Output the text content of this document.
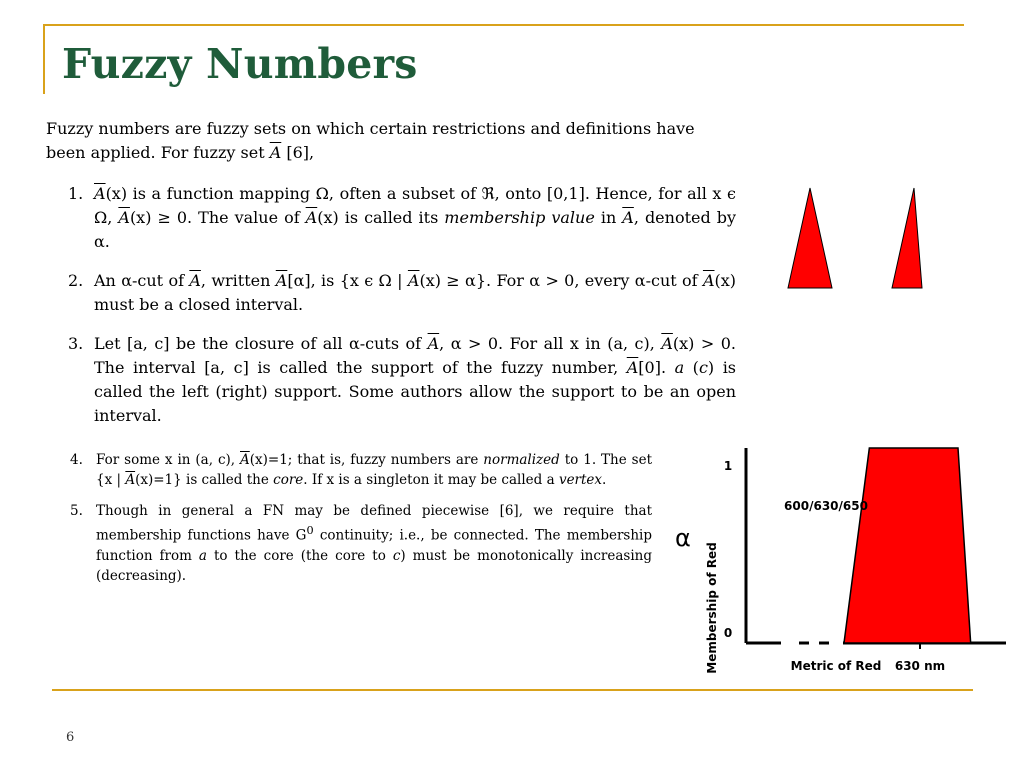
Fuzzy Numbers

Fuzzy numbers are fuzzy sets on which certain restrictions and definitions have been applied. For fuzzy set $\overline{A}$ [6],

1. $\overline{A}(x)$ is a function mapping Ω, often a subset of ℜ, onto [0,1]. Hence, for all x ϵ Ω, $\overline{A}(x) \ge 0$. The value of $\overline{A}(x)$ is called its membership value in $\overline{A}$, denoted by α.
2. An α-cut of $\overline{A}$, written $\overline{A}[\alpha]$, is {x ϵ Ω | $\overline{A}(x) \ge \alpha$}. For α > 0, every α-cut of $\overline{A}(x)$ must be a closed interval.
3. Let [a, c] be the closure of all α-cuts of $\overline{A}$, α > 0. For all x in (a, c), $\overline{A}(x) > 0$. The interval [a, c] is called the support of the fuzzy number, $\overline{A}[0]$. a (c) is called the left (right) support. Some authors allow the support to be an open interval.
4. For some x in (a, c), $\overline{A}(x)=1$; that is, fuzzy numbers are normalized to 1. The set {x | $\overline{A}(x)=1$} is called the core. If x is a singleton it may be called a vertex.
5. Though in general a FN may be defined piecewise [6], we require that membership functions have $G^0$ continuity; i.e., be connected. The membership function from a to the core (the core to c) must be monotonically increasing (decreasing).
α
Membership of Red
1
0
600/630/650
Metric of Red 630 nm
6
